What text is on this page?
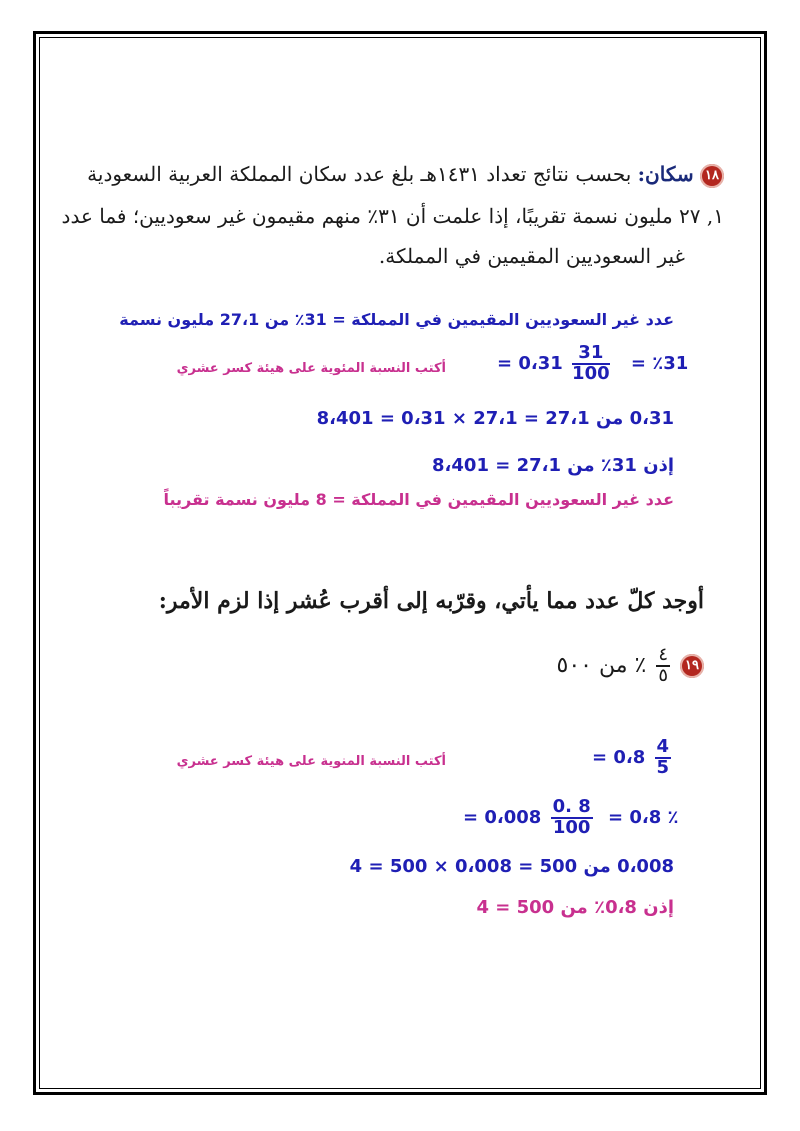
١٨ سكان: بحسب نتائج تعداد ١٤٣١هـ بلغ عدد سكان المملكة العربية السعودية
١, ٢٧ مليون نسمة تقريبًا، إذا علمت أن ٣١٪ منهم مقيمون غير سعوديين؛ فما عدد
غير السعوديين المقيمين في المملكة.
عدد غير السعوديين المقيمين في المملكة = 31٪ من 27،1 مليون نسمة
= 0،31 $\frac{31}{100}$ ٪31 =
أكتب النسبة المئوية على هيئة كسر عشري
0،31 من 27،1 = 27،1 × 0،31 = 8،401
إذن 31٪ من 27،1 = 8،401
عدد غير السعوديين المقيمين في المملكة = 8 مليون نسمة تقريباً
أوجد كلّ عدد مما يأتي، وقرّبه إلى أقرب عُشر إذا لزم الأمر:
١٩
$\frac{٤}{٥}$
٪ من ٥٠٠
= 0،8 $\frac{4}{5}$
أكتب النسبة المنوية على هيئة كسر عشري
= 0،008 $\frac{0. 8}{100}$ ٪ 0،8 =
0،008 من 500 = 0،008 × 500 = 4
إذن 0،8٪ من 500 = 4
